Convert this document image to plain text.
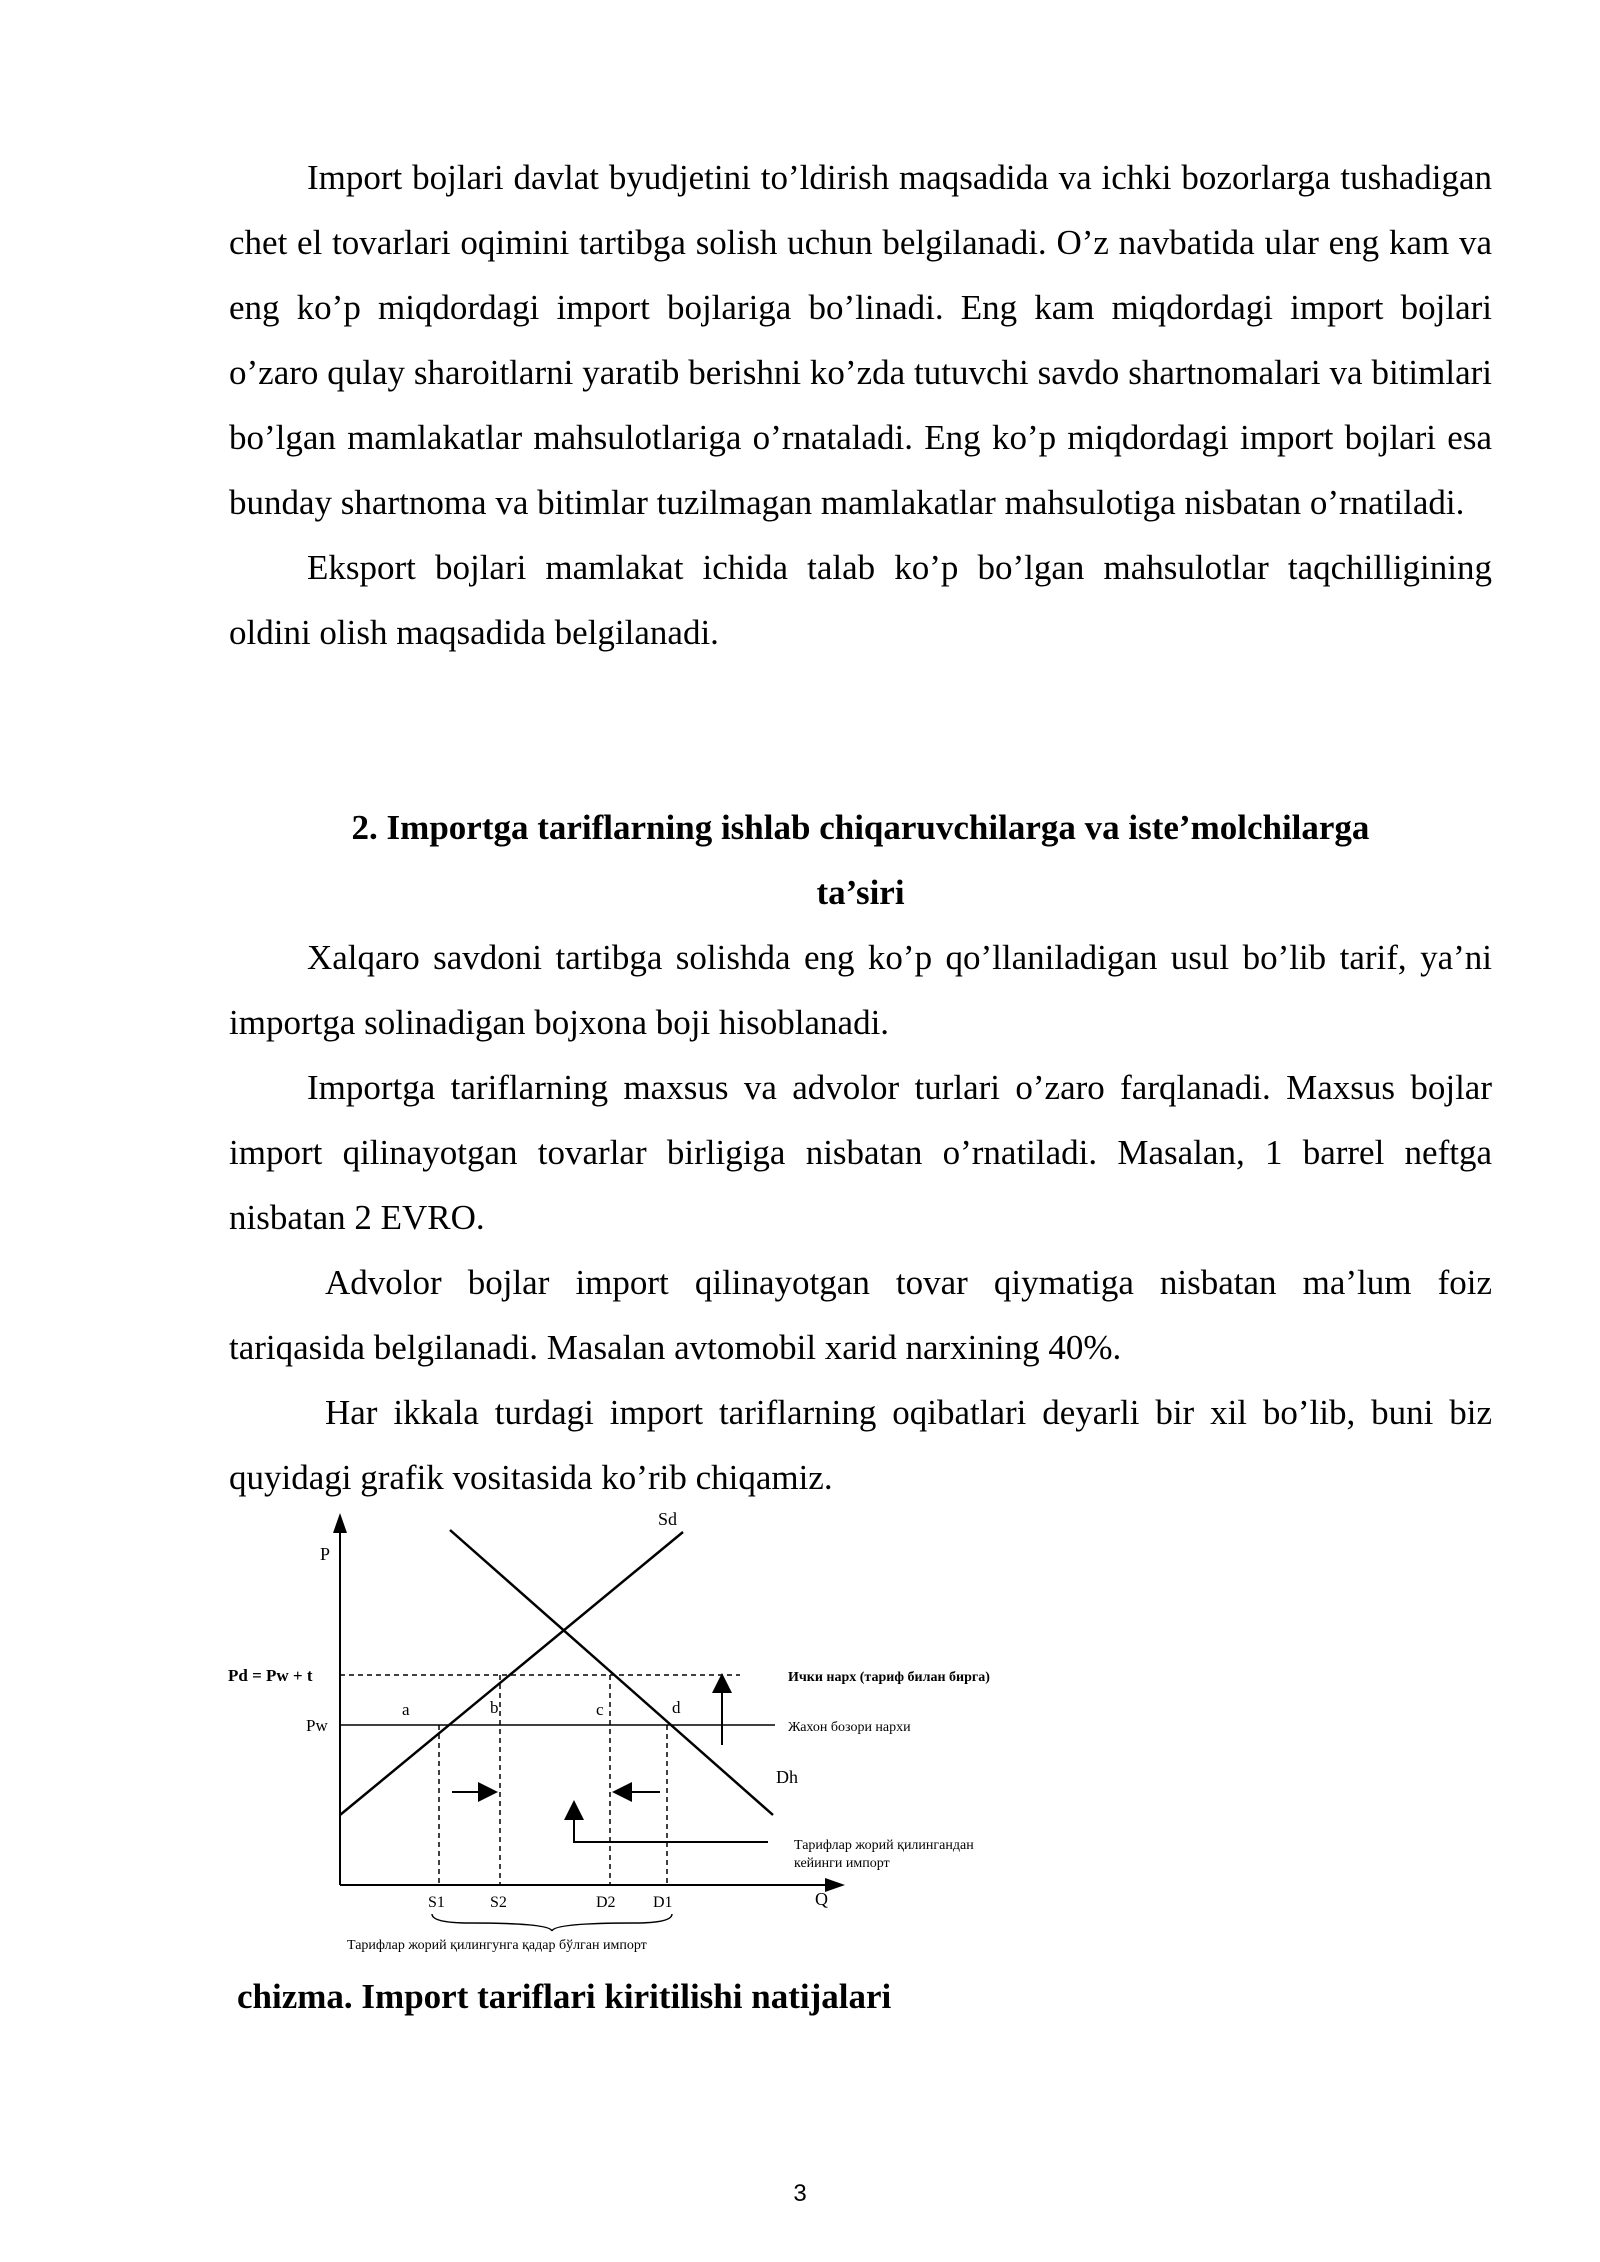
Import bojlari davlat byudjetini to’ldirish maqsadida va ichki bozorlarga tushadigan chet el tovarlari oqimini tartibga solish uchun belgilanadi. O’z navbatida ular eng kam va eng ko’p miqdordagi import bojlariga bo’linadi. Eng kam miqdordagi import bojlari o’zaro qulay sharoitlarni yaratib berishni ko’zda tutuvchi savdo shartnomalari va bitimlari bo’lgan mamlakatlar mahsulotlariga o’rnataladi. Eng ko’p miqdordagi import bojlari esa bunday shartnoma va bitimlar tuzilmagan mamlakatlar mahsulotiga nisbatan o’rnatiladi.

Eksport bojlari mamlakat ichida talab ko’p bo’lgan mahsulotlar taqchilligining oldini olish maqsadida belgilanadi.

2. Importga tariflarning ishlab chiqaruvchilarga va iste’molchilarga
ta’siri

Xalqaro savdoni tartibga solishda eng ko’p qo’llaniladigan usul bo’lib tarif, ya’ni importga solinadigan bojxona boji hisoblanadi.

Importga tariflarning maxsus va advolor turlari o’zaro farqlanadi. Maxsus bojlar import qilinayotgan tovarlar birligiga nisbatan o’rnatiladi. Masalan, 1 barrel neftga nisbatan 2 EVRO.

Advolor bojlar import qilinayotgan tovar qiymatiga nisbatan ma’lum foiz tariqasida belgilanadi. Masalan avtomobil xarid narxining 40%.

Har ikkala turdagi import tariflarning oqibatlari deyarli bir xil bo’lib, buni biz quyidagi grafik vositasida ko’rib chiqamiz.

P
Q
Pd = Pw + t
Pw
Sd
Dh
a	b	c	d
S1	S2	D2 D1
Ички нарх (тариф билан бирга)
Жахон бозори нархи
Тарифлар жорий қилингандан
кейинги импорт
Тарифлар жорий қилингунга қадар бўлган импорт
chizma. Import tariflari kiritilishi natijalari
3
